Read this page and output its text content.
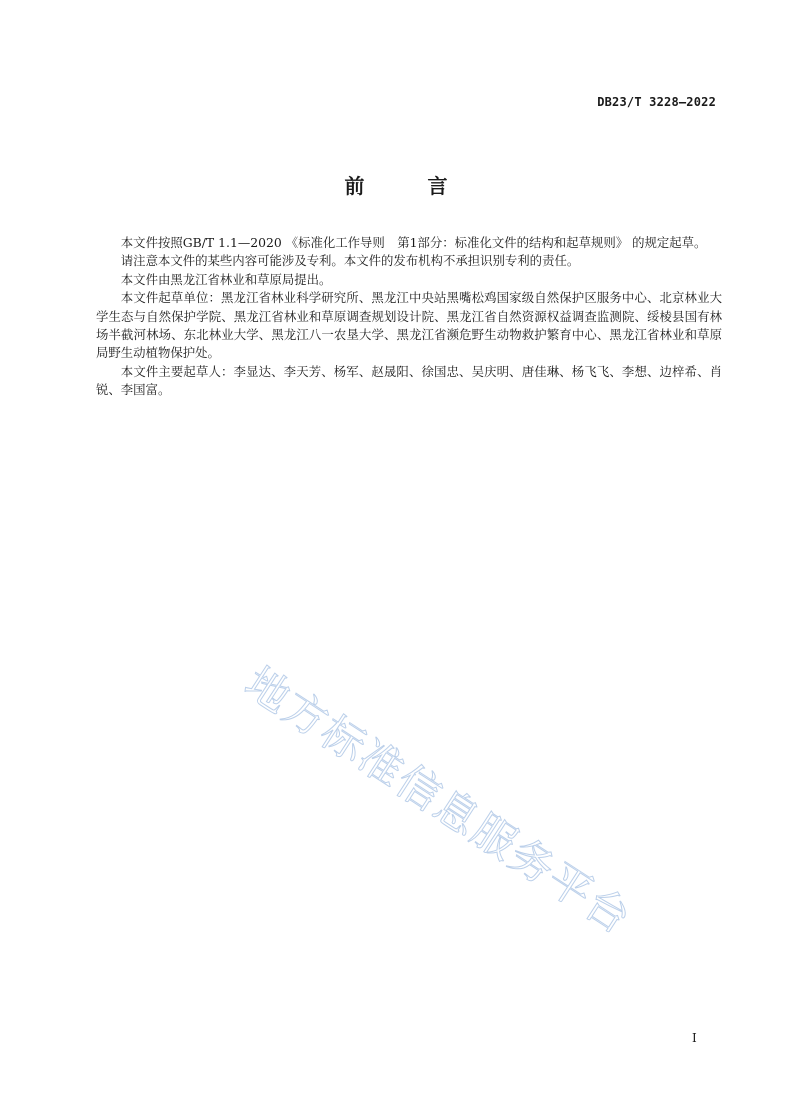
DB23/T 3228—2022
前 言

本文件按照GB/T 1.1—2020 《标准化工作导则　第1部分：标准化文件的结构和起草规则》 的规定起草。

请注意本文件的某些内容可能涉及专利。本文件的发布机构不承担识别专利的责任。

本文件由黑龙江省林业和草原局提出。

本文件起草单位：黑龙江省林业科学研究所、黑龙江中央站黑嘴松鸡国家级自然保护区服务中心、北京林业大学生态与自然保护学院、黑龙江省林业和草原调查规划设计院、黑龙江省自然资源权益调查监测院、绥棱县国有林场半截河林场、东北林业大学、黑龙江八一农垦大学、黑龙江省濒危野生动物救护繁育中心、黑龙江省林业和草原局野生动植物保护处。

本文件主要起草人：李显达、李天芳、杨军、赵晟阳、徐国忠、吴庆明、唐佳琳、杨飞飞、李想、边梓希、肖锐、李国富。

地方标准信息服务平台
I
